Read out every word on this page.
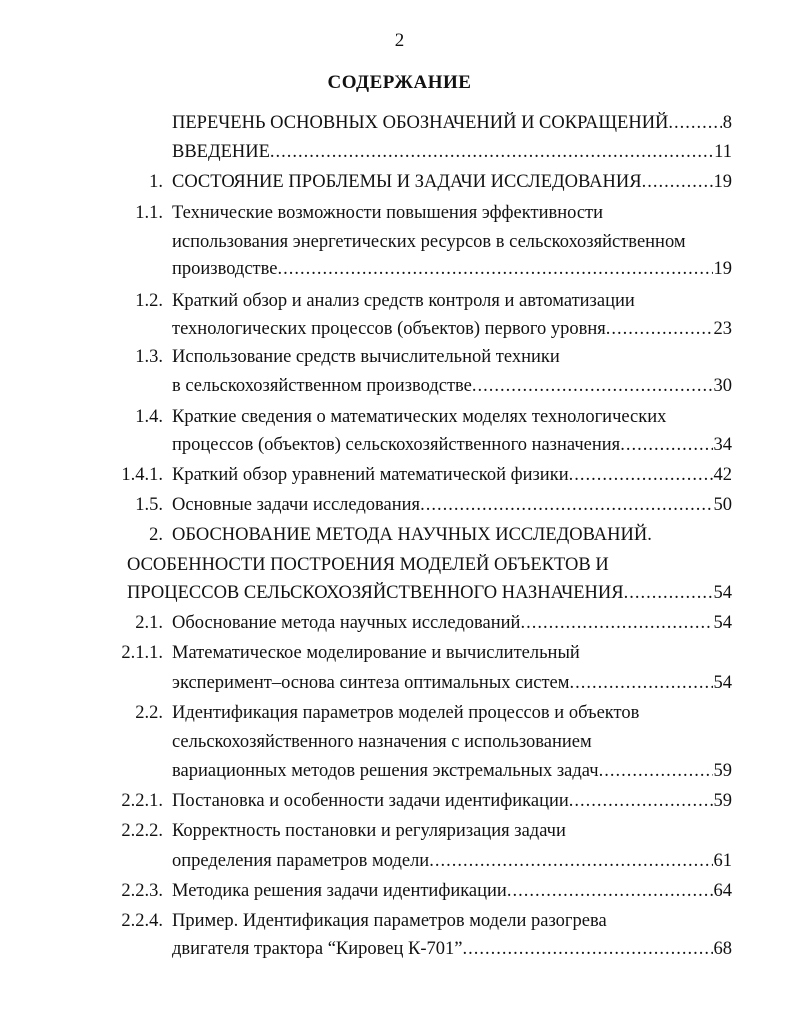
2
СОДЕРЖАНИЕ
ПЕРЕЧЕНЬ ОСНОВНЫХ ОБОЗНАЧЕНИЙ И СОКРАЩЕНИЙ .....	8
ВВЕДЕНИЕ .....	11
1. СОСТОЯНИЕ ПРОБЛЕМЫ И ЗАДАЧИ ИССЛЕДОВАНИЯ .....	19
1.1. Технические возможности повышения эффективности
использования энергетических ресурсов в сельскохозяйственном
производстве .....	19
1.2. Краткий обзор и анализ средств контроля и автоматизации
технологических процессов (объектов) первого уровня .....	23
1.3. Использование средств вычислительной техники
в сельскохозяйственном производстве .....	30
1.4. Краткие сведения о математических моделях технологических
процессов (объектов) сельскохозяйственного назначения .....	34
1.4.1. Краткий обзор уравнений математической физики .....	42
1.5. Основные задачи исследования .....	50
2. ОБОСНОВАНИЕ МЕТОДА НАУЧНЫХ ИССЛЕДОВАНИЙ.
ОСОБЕННОСТИ ПОСТРОЕНИЯ МОДЕЛЕЙ ОБЪЕКТОВ И
ПРОЦЕССОВ СЕЛЬСКОХОЗЯЙСТВЕННОГО НАЗНАЧЕНИЯ .....	54
2.1. Обоснование метода научных исследований .....	54
2.1.1. Математическое моделирование и вычислительный
эксперимент–основа синтеза оптимальных систем .....	54
2.2. Идентификация параметров моделей процессов и объектов
сельскохозяйственного назначения с использованием
вариационных методов решения экстремальных задач .....	59
2.2.1. Постановка и особенности задачи идентификации .....	59
2.2.2. Корректность постановки и регуляризация задачи
определения параметров модели .....	61
2.2.3. Методика решения задачи идентификации .....	64
2.2.4. Пример. Идентификация параметров модели разогрева
двигателя трактора “Кировец К-701” .....	68
